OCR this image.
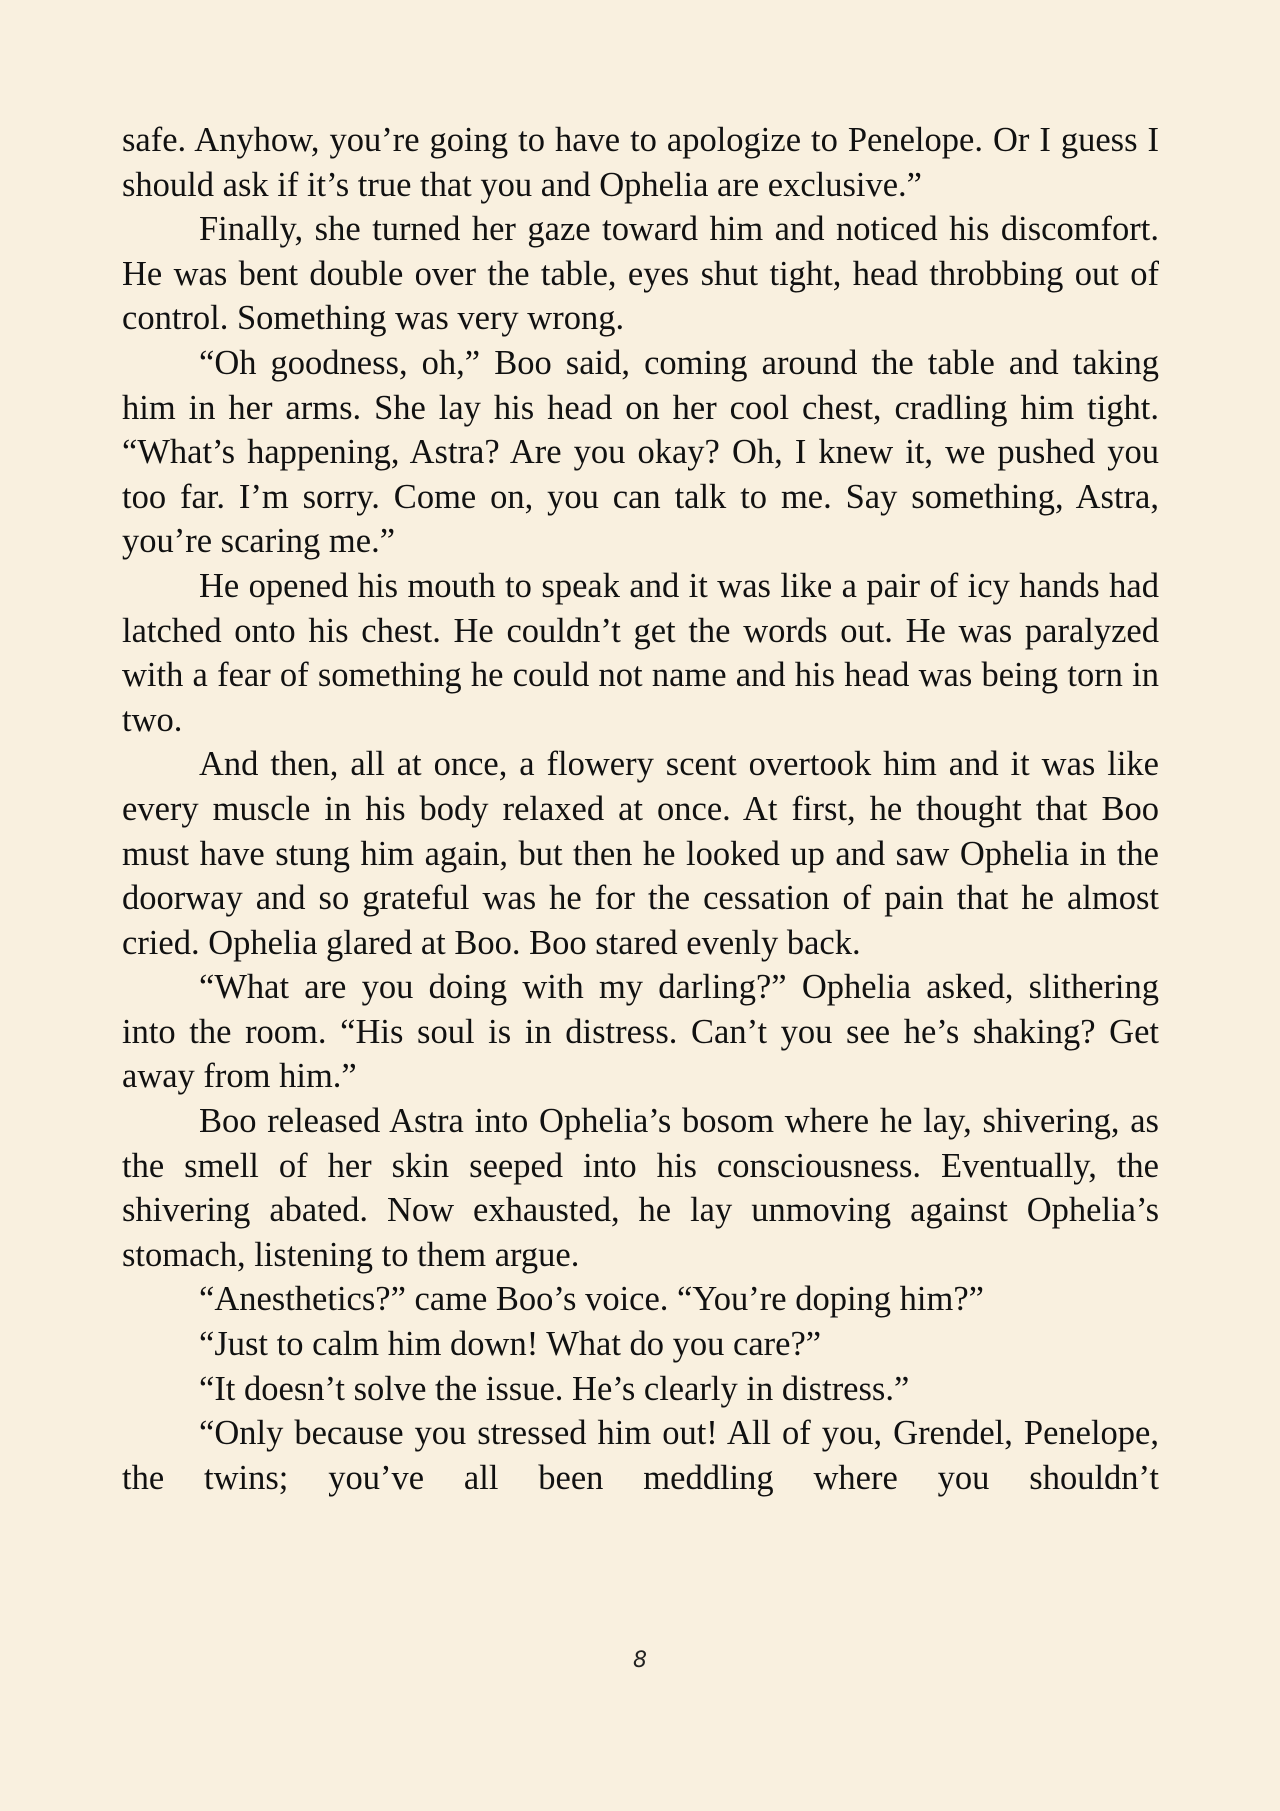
safe. Anyhow, you’re going to have to apologize to Penelope. Or I guess I should ask if it’s true that you and Ophelia are exclusive.”

Finally, she turned her gaze toward him and noticed his discomfort. He was bent double over the table, eyes shut tight, head throbbing out of control. Something was very wrong.

“Oh goodness, oh,” Boo said, coming around the table and taking him in her arms. She lay his head on her cool chest, cradling him tight. “What’s happening, Astra? Are you okay? Oh, I knew it, we pushed you too far. I’m sorry. Come on, you can talk to me. Say something, Astra, you’re scaring me.”

He opened his mouth to speak and it was like a pair of icy hands had latched onto his chest. He couldn’t get the words out. He was paralyzed with a fear of something he could not name and his head was being torn in two.

And then, all at once, a flowery scent overtook him and it was like every muscle in his body relaxed at once. At first, he thought that Boo must have stung him again, but then he looked up and saw Ophelia in the doorway and so grateful was he for the cessation of pain that he almost cried. Ophelia glared at Boo. Boo stared evenly back.

“What are you doing with my darling?” Ophelia asked, slithering into the room. “His soul is in distress. Can’t you see he’s shaking? Get away from him.”

Boo released Astra into Ophelia’s bosom where he lay, shivering, as the smell of her skin seeped into his consciousness. Eventually, the shivering abated. Now exhausted, he lay unmoving against Ophelia’s stomach, listening to them argue.

“Anesthetics?” came Boo’s voice. “You’re doping him?”

“Just to calm him down! What do you care?”

“It doesn’t solve the issue. He’s clearly in distress.”

“Only because you stressed him out! All of you, Grendel, Penelope, the twins; you’ve all been meddling where you shouldn’t

8
